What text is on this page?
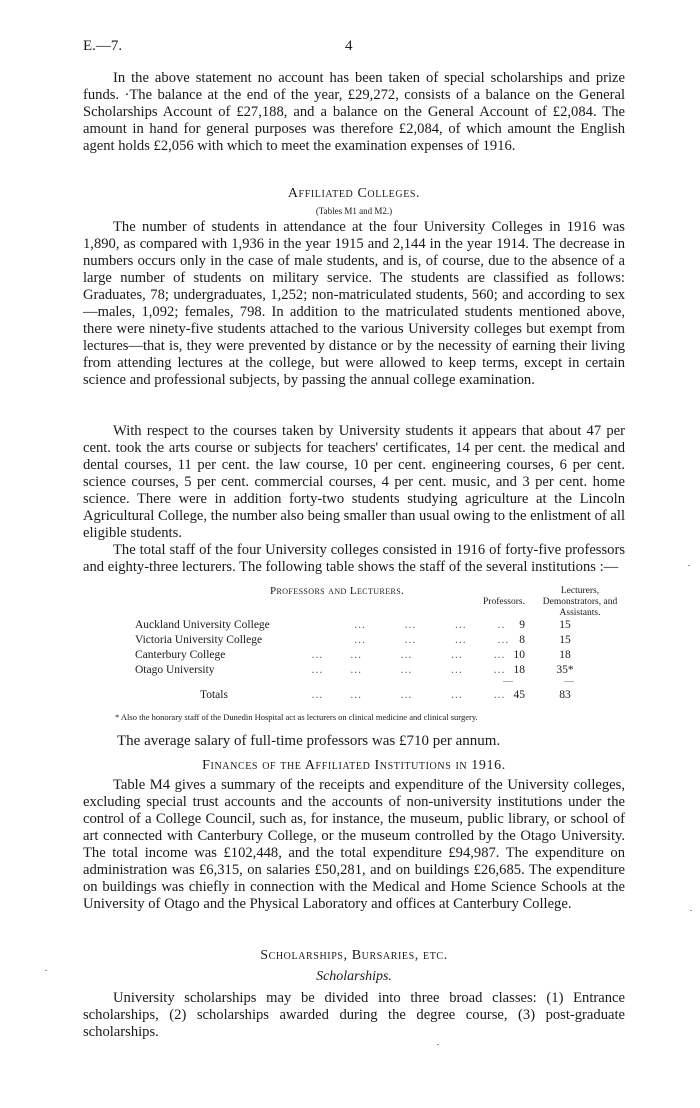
E.—7.	4

In the above statement no account has been taken of special scholarships and prize funds. ·The balance at the end of the year, £29,272, consists of a balance on the General Scholarships Account of £27,188, and a balance on the General Account of £2,084. The amount in hand for general purposes was therefore £2,084, of which amount the English agent holds £2,056 with which to meet the examination expenses of 1916.

Affiliated Colleges.
(Tables M1 and M2.)

The number of students in attendance at the four University Colleges in 1916 was 1,890, as compared with 1,936 in the year 1915 and 2,144 in the year 1914. The decrease in numbers occurs only in the case of male students, and is, of course, due to the absence of a large number of students on military service. The students are classified as follows: Graduates, 78; undergraduates, 1,252; non-matriculated students, 560; and according to sex—males, 1,092; females, 798. In addition to the matriculated students mentioned above, there were ninety-five students attached to the various University colleges but exempt from lectures—that is, they were prevented by distance or by the necessity of earning their living from attending lectures at the college, but were allowed to keep terms, except in certain science and professional subjects, by passing the annual college examination.

With respect to the courses taken by University students it appears that about 47 per cent. took the arts course or subjects for teachers' certificates, 14 per cent. the medical and dental courses, 11 per cent. the law course, 10 per cent. engineering courses, 6 per cent. science courses, 5 per cent. commercial courses, 4 per cent. music, and 3 per cent. home science. There were in addition forty-two students studying agriculture at the Lincoln Agricultural College, the number also being smaller than usual owing to the enlistment of all eligible students.

The total staff of the four University colleges consisted in 1916 of forty-five professors and eighty-three lecturers. The following table shows the staff of the several institutions :—

Professors and Lecturers.
Professors.
Lecturers, Demonstrators, and Assistants.
Auckland University College	...          ...          ...        ..	9	15
Victoria University College	...          ...          ...        ... 8	15
Canterbury College	...       ...          ...          ...        ... 10	18
Otago University	...       ...          ...          ...        ... 18	35*
—	—
Totals	...       ...          ...          ...        ... 45	83
* Also the honorary staff of the Dunedin Hospital act as lecturers on clinical medicine and clinical surgery.
The average salary of full-time professors was £710 per annum.
Finances of the Affiliated Institutions in 1916.

Table M4 gives a summary of the receipts and expenditure of the University colleges, excluding special trust accounts and the accounts of non-university institutions under the control of a College Council, such as, for instance, the museum, public library, or school of art connected with Canterbury College, or the museum controlled by the Otago University. The total income was £102,448, and the total expenditure £94,987. The expenditure on administration was £6,315, on salaries £50,281, and on buildings £26,685. The expenditure on buildings was chiefly in connection with the Medical and Home Science Schools at the University of Otago and the Physical Laboratory and offices at Canterbury College.

Scholarships, Bursaries, etc.
Scholarships.

University scholarships may be divided into three broad classes: (1) Entrance scholarships, (2) scholarships awarded during the degree course, (3) post-graduate scholarships.
